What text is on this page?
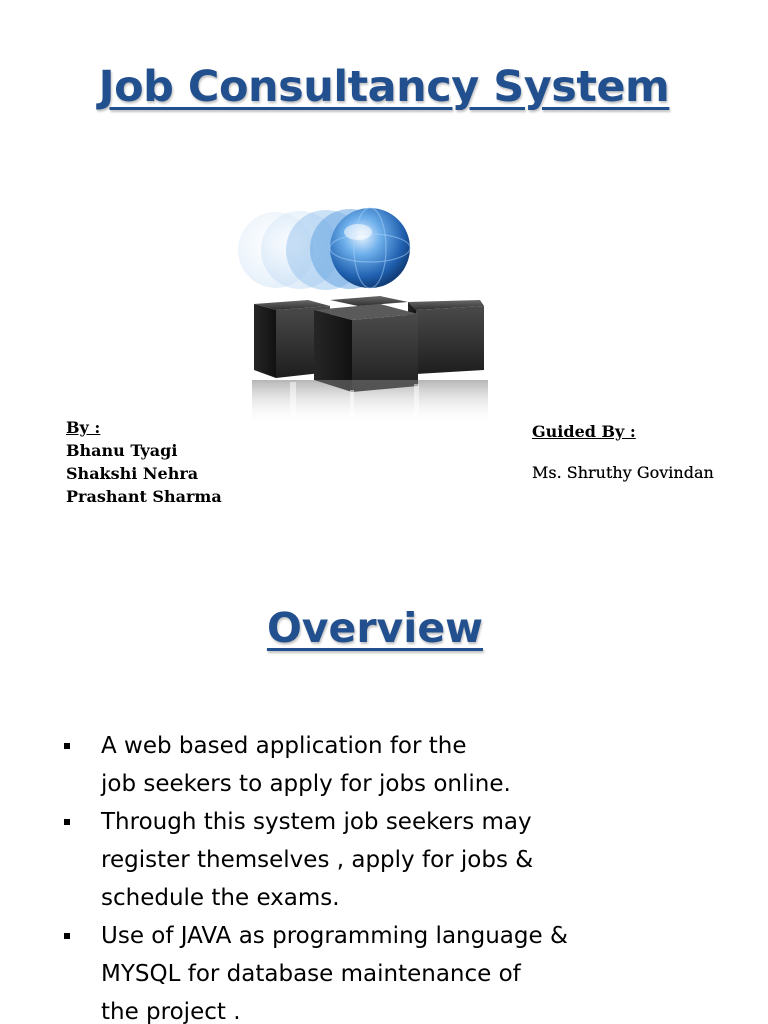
Job Consultancy System
By :
Bhanu Tyagi
Shakshi Nehra
Prashant Sharma
Guided By :
Ms. Shruthy Govindan
Overview
A web based application for the
job seekers to apply for jobs online.
Through this system job seekers may
register themselves , apply for jobs &
schedule the exams.
Use of JAVA as programming language &
MYSQL for database maintenance of
the project .
